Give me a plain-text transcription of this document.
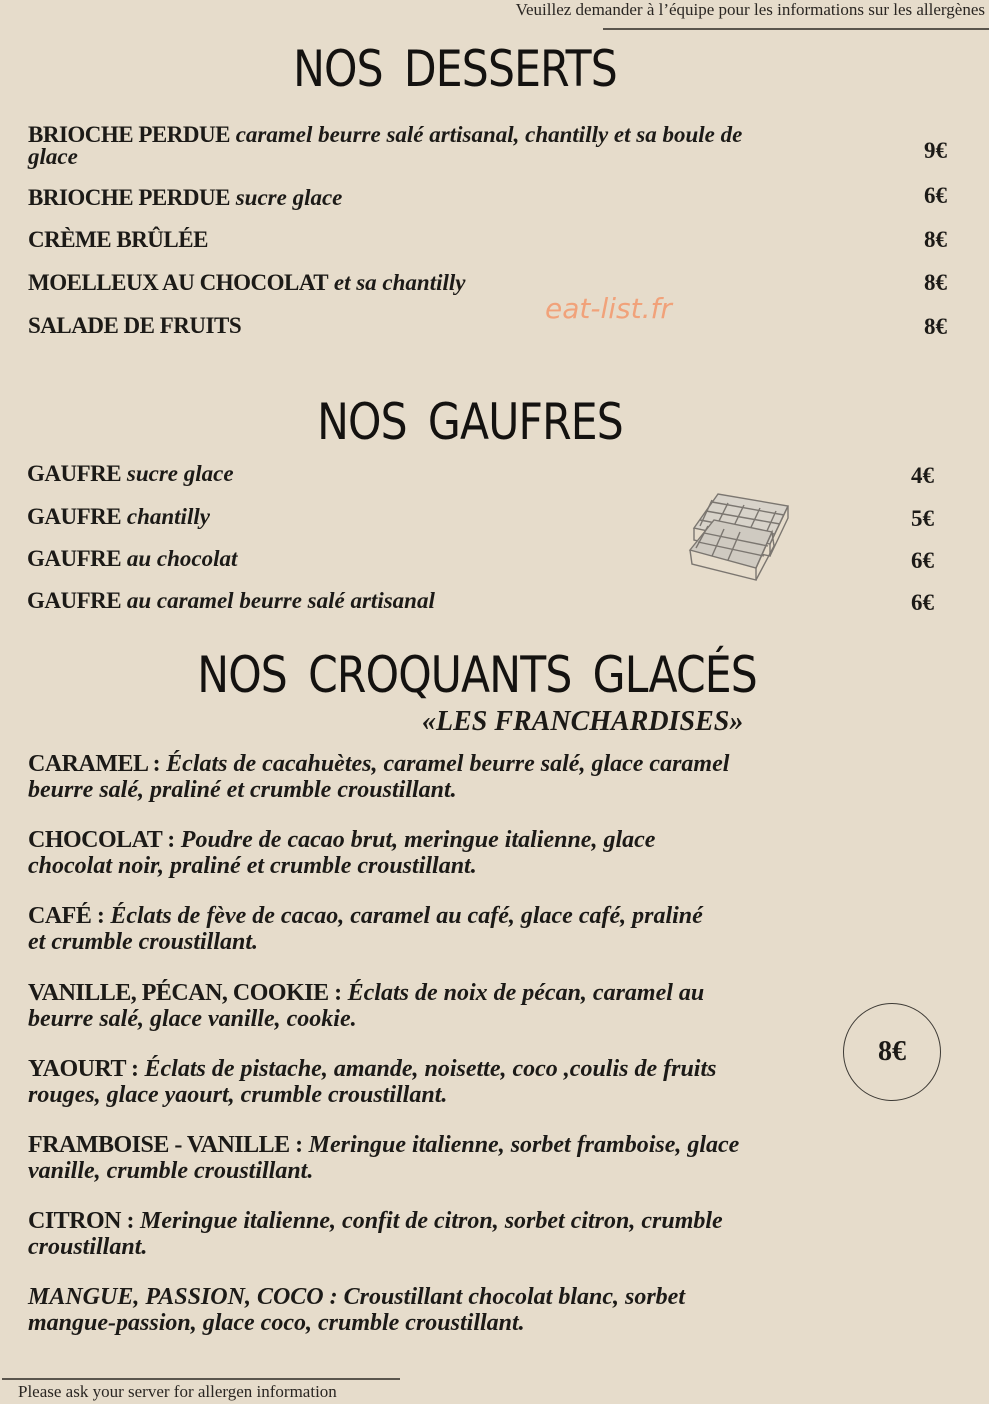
Veuillez demander à l’équipe pour les informations sur les allergènes
NOS DESSERTS
BRIOCHE PERDUE caramel beurre salé artisanal, chantilly et sa boule de
glace	9€
BRIOCHE PERDUE sucre glace	6€
CRÈME BRÛLÉE	8€
MOELLEUX AU CHOCOLAT et sa chantilly	8€
SALADE DE FRUITS	8€
eat-list.fr
NOS GAUFRES
GAUFRE sucre glace	4€
GAUFRE chantilly	5€
GAUFRE au chocolat	6€
GAUFRE au caramel beurre salé artisanal	6€
NOS CROQUANTS GLACÉS
«LES FRANCHARDISES»
CARAMEL : Éclats de cacahuètes, caramel beurre salé, glace caramel
beurre salé, praliné et crumble croustillant.
CHOCOLAT : Poudre de cacao brut, meringue italienne, glace
chocolat noir, praliné et crumble croustillant.
CAFÉ : Éclats de fève de cacao, caramel au café, glace café, praliné
et crumble croustillant.
VANILLE, PÉCAN, COOKIE : Éclats de noix de pécan, caramel au
beurre salé, glace vanille, cookie.
YAOURT : Éclats de pistache, amande, noisette, coco ,coulis de fruits
rouges, glace yaourt, crumble croustillant.
FRAMBOISE - VANILLE : Meringue italienne, sorbet framboise, glace
vanille, crumble croustillant.
CITRON : Meringue italienne, confit de citron, sorbet citron, crumble
croustillant.
MANGUE, PASSION, COCO : Croustillant chocolat blanc, sorbet
mangue-passion, glace coco, crumble croustillant.
8€
Please ask your server for allergen information
